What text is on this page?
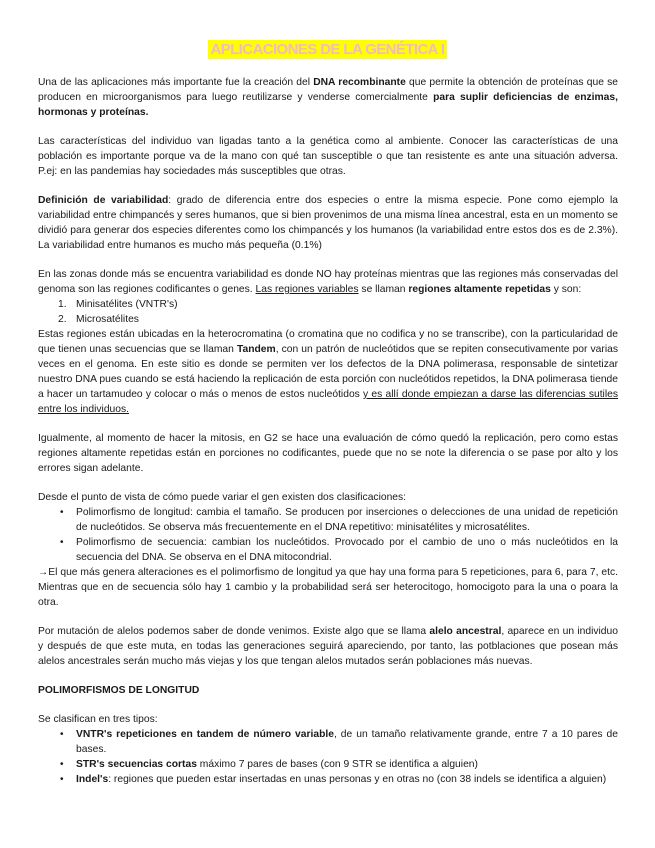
APLICACIONES DE LA GENÉTICA I

Una de las aplicaciones más importante fue la creación del DNA recombinante que permite la obtención de proteínas que se producen en microorganismos para luego reutilizarse y venderse comercialmente para suplir deficiencias de enzimas, hormonas y proteínas.

Las características del individuo van ligadas tanto a la genética como al ambiente. Conocer las características de una población es importante porque va de la mano con qué tan susceptible o que tan resistente es ante una situación adversa. P.ej: en las pandemias hay sociedades más susceptibles que otras.

Definición de variabilidad: grado de diferencia entre dos especies o entre la misma especie. Pone como ejemplo la variabilidad entre chimpancés y seres humanos, que si bien provenimos de una misma línea ancestral, esta en un momento se dividió para generar dos especies diferentes como los chimpancés y los humanos (la variabilidad entre estos dos es de 2.3%). La variabilidad entre humanos es mucho más pequeña (0.1%)

En las zonas donde más se encuentra variabilidad es donde NO hay proteínas mientras que las regiones más conservadas del genoma son las regiones codificantes o genes. Las regiones variables se llaman regiones altamente repetidas y son:

1. Minisatélites (VNTR's)
2. Microsatélites

Estas regiones están ubicadas en la heterocromatina (o cromatina que no codifica y no se transcribe), con la particularidad de que tienen unas secuencias que se llaman Tandem, con un patrón de nucleótidos que se repiten consecutivamente por varias veces en el genoma. En este sitio es donde se permiten ver los defectos de la DNA polimerasa, responsable de sintetizar nuestro DNA pues cuando se está haciendo la replicación de esta porción con nucleótidos repetidos, la DNA polimerasa tiende a hacer un tartamudeo y colocar o más o menos de estos nucleótidos y es allí donde empiezan a darse las diferencias sutiles entre los individuos.

Igualmente, al momento de hacer la mitosis, en G2 se hace una evaluación de cómo quedó la replicación, pero como estas regiones altamente repetidas están en porciones no codificantes, puede que no se note la diferencia o se pase por alto y los errores sigan adelante.

Desde el punto de vista de cómo puede variar el gen existen dos clasificaciones:

• Polimorfismo de longitud: cambia el tamaño. Se producen por inserciones o delecciones de una unidad de repetición de nucleótidos. Se observa más frecuentemente en el DNA repetitivo: minisatélites y microsatélites.
• Polimorfismo de secuencia: cambian los nucleótidos. Provocado por el cambio de uno o más nucleótidos en la secuencia del DNA. Se observa en el DNA mitocondrial.

→El que más genera alteraciones es el polimorfismo de longitud ya que hay una forma para 5 repeticiones, para 6, para 7, etc. Mientras que en de secuencia sólo hay 1 cambio y la probabilidad será ser heterocitogo, homocigoto para la una o poara la otra.

Por mutación de alelos podemos saber de donde venimos. Existe algo que se llama alelo ancestral, aparece en un individuo y después de que este muta, en todas las generaciones seguirá apareciendo, por tanto, las potblaciones que posean más alelos ancestrales serán mucho más viejas y los que tengan alelos mutados serán poblaciones más nuevas.

POLIMORFISMOS DE LONGITUD

Se clasifican en tres tipos:

• VNTR's repeticiones en tandem de número variable, de un tamaño relativamente grande, entre 7 a 10 pares de bases.
• STR's secuencias cortas máximo 7 pares de bases (con 9 STR se identifica a alguien)
• Indel's: regiones que pueden estar insertadas en unas personas y en otras no (con 38 indels se identifica a alguien)
